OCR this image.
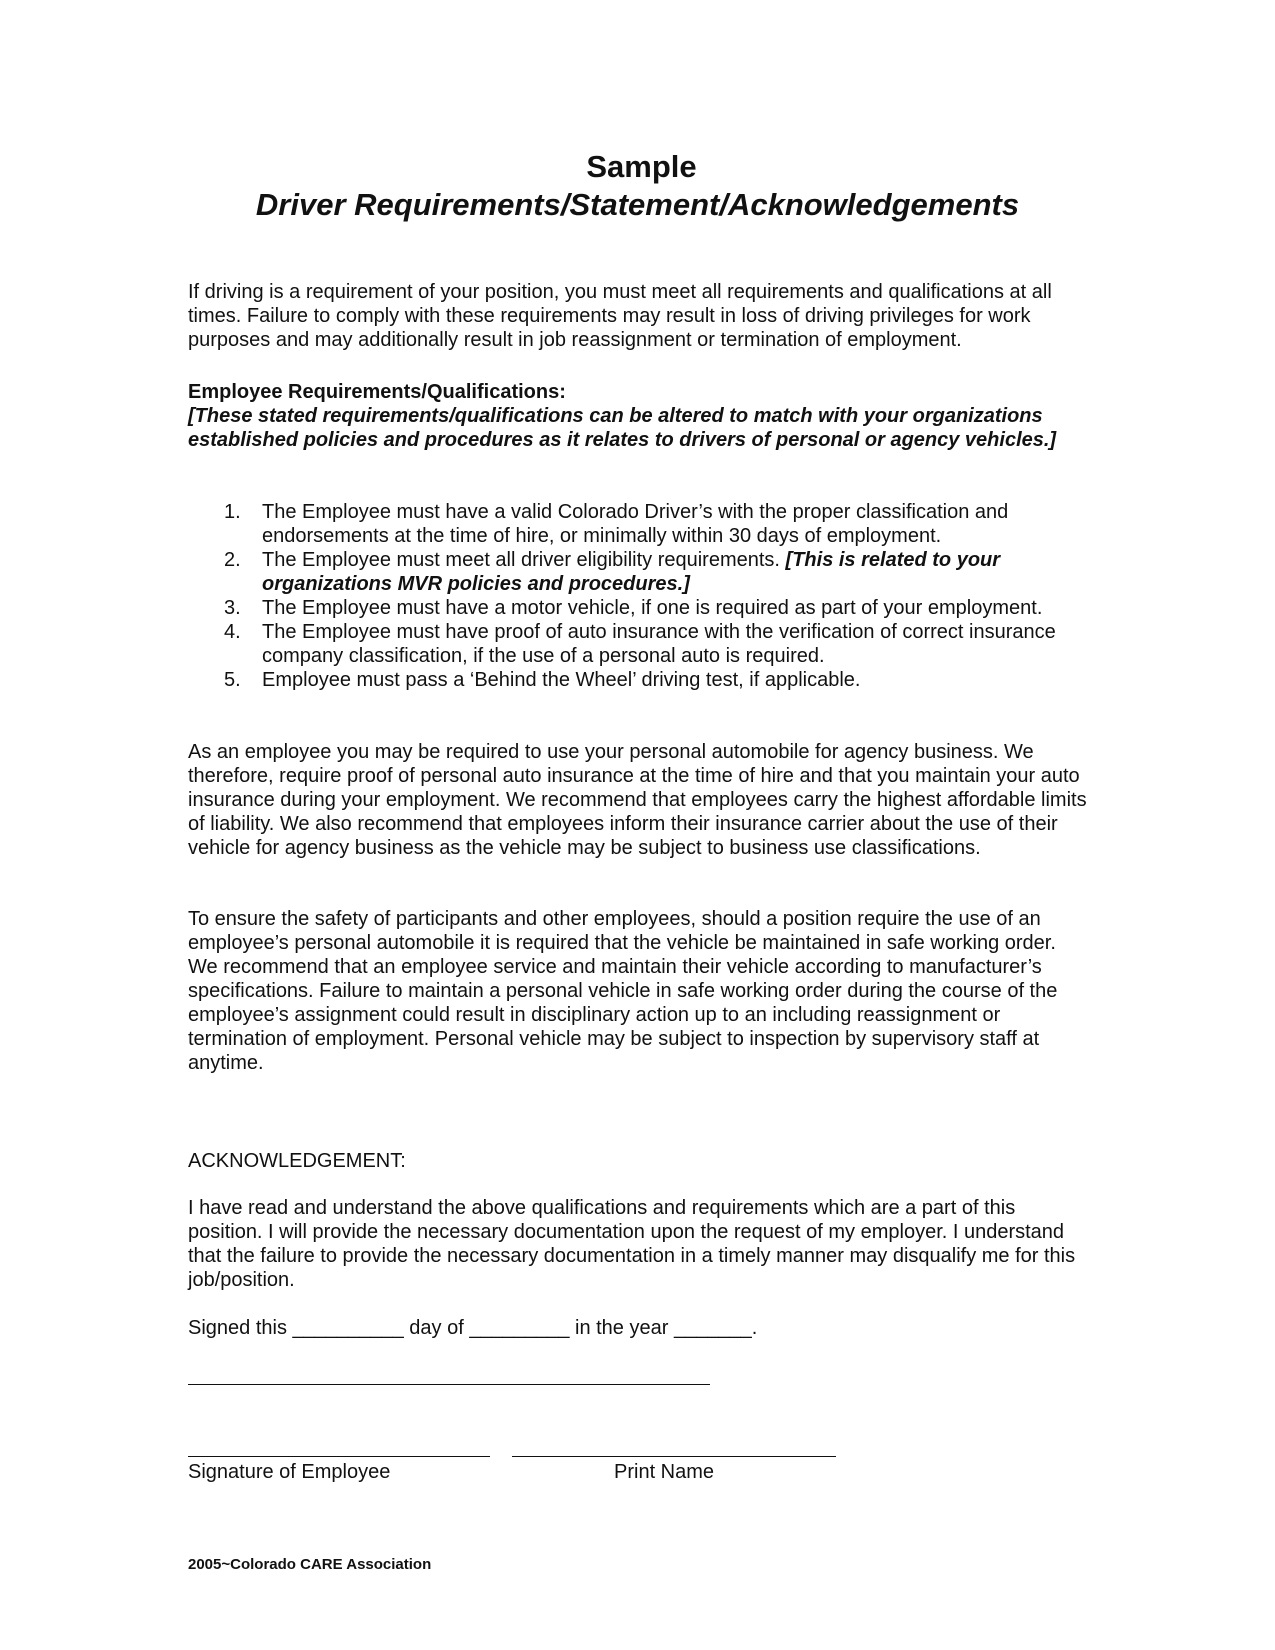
Sample
Driver Requirements/Statement/Acknowledgements

If driving is a requirement of your position, you must meet all requirements and qualifications at all times. Failure to comply with these requirements may result in loss of driving privileges for work purposes and may additionally result in job reassignment or termination of employment.

Employee Requirements/Qualifications:

[These stated requirements/qualifications can be altered to match with your organizations established policies and procedures as it relates to drivers of personal or agency vehicles.]

1. The Employee must have a valid Colorado Driver’s with the proper classification and endorsements at the time of hire, or minimally within 30 days of employment.
2. The Employee must meet all driver eligibility requirements. [This is related to your organizations MVR policies and procedures.]
3. The Employee must have a motor vehicle, if one is required as part of your employment.
4. The Employee must have proof of auto insurance with the verification of correct insurance company classification, if the use of a personal auto is required.
5. Employee must pass a ‘Behind the Wheel’ driving test, if applicable.

As an employee you may be required to use your personal automobile for agency business. We therefore, require proof of personal auto insurance at the time of hire and that you maintain your auto insurance during your employment. We recommend that employees carry the highest affordable limits of liability. We also recommend that employees inform their insurance carrier about the use of their vehicle for agency business as the vehicle may be subject to business use classifications.

To ensure the safety of participants and other employees, should a position require the use of an employee’s personal automobile it is required that the vehicle be maintained in safe working order. We recommend that an employee service and maintain their vehicle according to manufacturer’s specifications. Failure to maintain a personal vehicle in safe working order during the course of the employee’s assignment could result in disciplinary action up to an including reassignment or termination of employment. Personal vehicle may be subject to inspection by supervisory staff at anytime.

ACKNOWLEDGEMENT:

I have read and understand the above qualifications and requirements which are a part of this position. I will provide the necessary documentation upon the request of my employer. I understand that the failure to provide the necessary documentation in a timely manner may disqualify me for this job/position.

Signed this __________ day of _________ in the year _______.

Signature of Employee	Print Name
2005~Colorado CARE Association
